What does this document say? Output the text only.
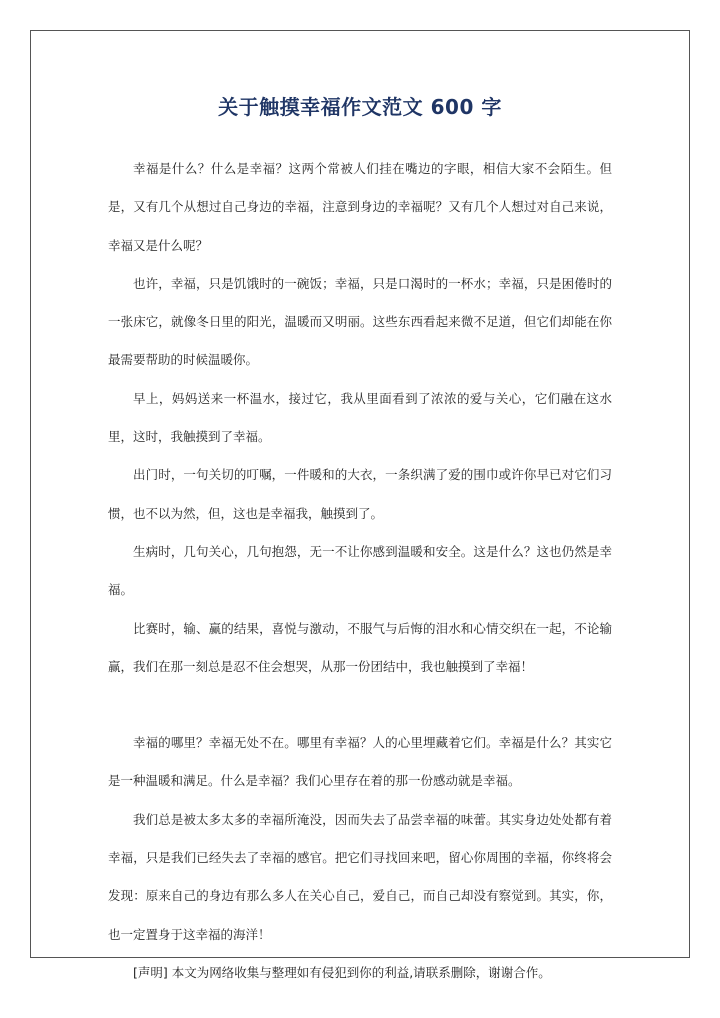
关于触摸幸福作文范文 600 字

幸福是什么？什么是幸福？这两个常被人们挂在嘴边的字眼，相信大家不会陌生。但是，又有几个从想过自己身边的幸福，注意到身边的幸福呢？又有几个人想过对自己来说，幸福又是什么呢？

也许，幸福，只是饥饿时的一碗饭；幸福，只是口渴时的一杯水；幸福，只是困倦时的一张床它，就像冬日里的阳光，温暖而又明丽。这些东西看起来微不足道，但它们却能在你最需要帮助的时候温暖你。

早上，妈妈送来一杯温水，接过它，我从里面看到了浓浓的爱与关心，它们融在这水里，这时，我触摸到了幸福。

出门时，一句关切的叮嘱，一件暖和的大衣，一条织满了爱的围巾或许你早已对它们习惯，也不以为然，但，这也是幸福我，触摸到了。

生病时，几句关心，几句抱怨，无一不让你感到温暖和安全。这是什么？这也仍然是幸福。

比赛时，输、赢的结果，喜悦与激动，不服气与后悔的泪水和心情交织在一起，不论输赢，我们在那一刻总是忍不住会想哭，从那一份团结中，我也触摸到了幸福！

幸福的哪里？幸福无处不在。哪里有幸福？人的心里埋藏着它们。幸福是什么？其实它是一种温暖和满足。什么是幸福？我们心里存在着的那一份感动就是幸福。

我们总是被太多太多的幸福所淹没，因而失去了品尝幸福的味蕾。其实身边处处都有着幸福，只是我们已经失去了幸福的感官。把它们寻找回来吧，留心你周围的幸福，你终将会发现：原来自己的身边有那么多人在关心自己，爱自己，而自己却没有察觉到。其实，你，也一定置身于这幸福的海洋！

[声明] 本文为网络收集与整理如有侵犯到你的利益,请联系删除，谢谢合作。
